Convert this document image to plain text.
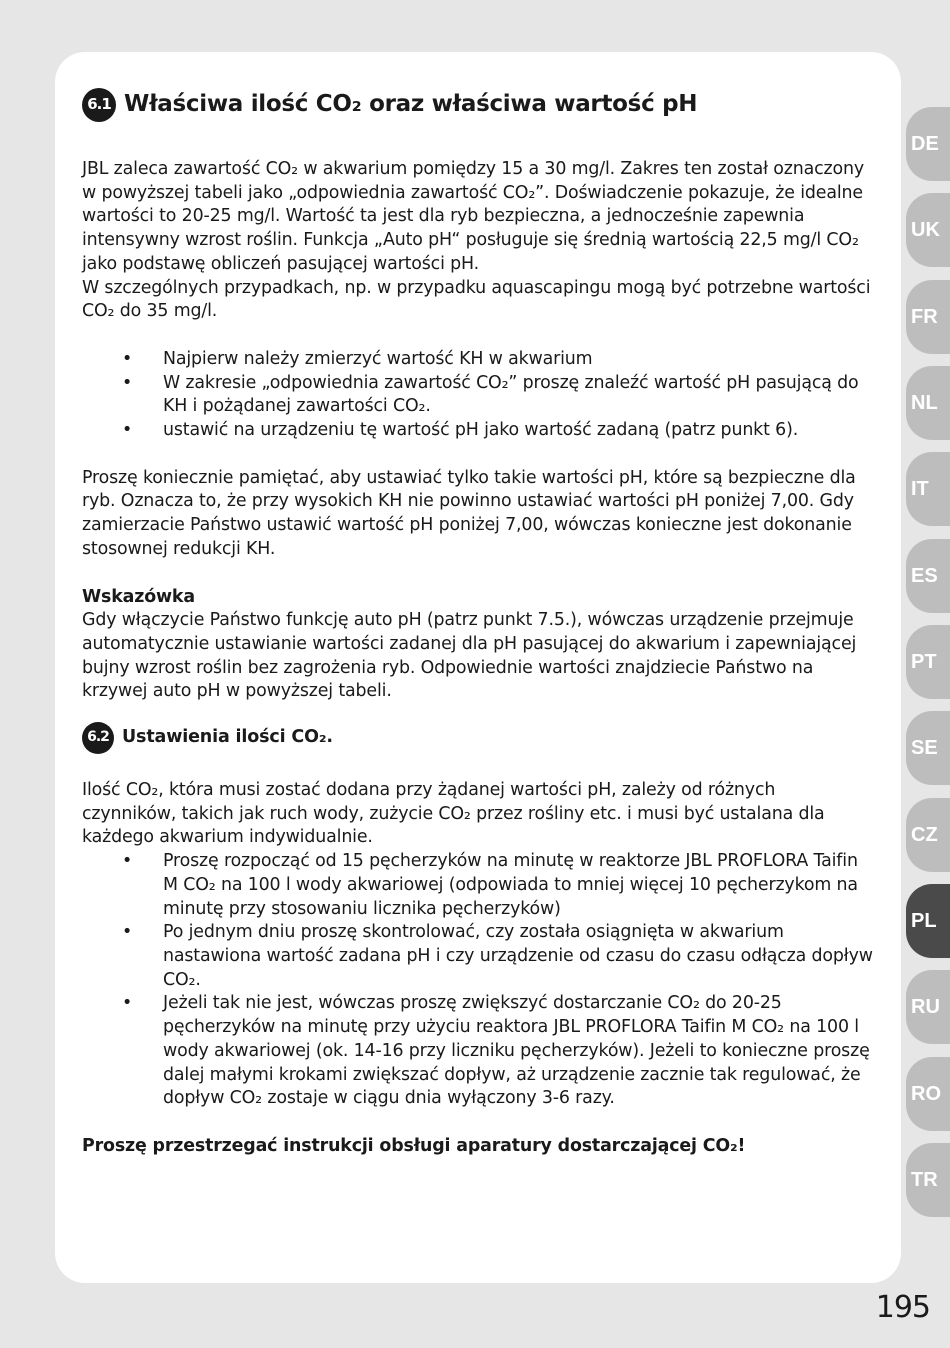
6.1 Właściwa ilość CO₂ oraz właściwa wartość pH

JBL zaleca zawartość CO₂ w akwarium pomiędzy 15 a 30 mg/l. Zakres ten został oznaczony w powyższej tabeli jako „odpowiednia zawartość CO₂”. Doświadczenie pokazuje, że idealne wartości to 20-25 mg/l. Wartość ta jest dla ryb bezpieczna, a jednocześnie zapewnia intensywny wzrost roślin. Funkcja „Auto pH“ posługuje się średnią wartością 22,5 mg/l CO₂ jako podstawę obliczeń pasującej wartości pH.

W szczególnych przypadkach, np. w przypadku aquascapingu mogą być potrzebne wartości CO₂ do 35 mg/l.

• Najpierw należy zmierzyć wartość KH w akwarium
• W zakresie „odpowiednia zawartość CO₂” proszę znaleźć wartość pH pasującą do KH i pożądanej zawartości CO₂.
• ustawić na urządzeniu tę wartość pH jako wartość zadaną (patrz punkt 6).

Proszę koniecznie pamiętać, aby ustawiać tylko takie wartości pH, które są bezpieczne dla ryb. Oznacza to, że przy wysokich KH nie powinno ustawiać wartości pH poniżej 7,00. Gdy zamierzacie Państwo ustawić wartość pH poniżej 7,00, wówczas konieczne jest dokonanie stosownej redukcji KH.

Wskazówka

Gdy włączycie Państwo funkcję auto pH (patrz punkt 7.5.), wówczas urządzenie przejmuje automatycznie ustawianie wartości zadanej dla pH pasującej do akwarium i zapewniającej bujny wzrost roślin bez zagrożenia ryb. Odpowiednie wartości znajdziecie Państwo na krzywej auto pH w powyższej tabeli.

6.2 Ustawienia ilości CO₂.

Ilość CO₂, która musi zostać dodana przy żądanej wartości pH, zależy od różnych czynników, takich jak ruch wody, zużycie CO₂ przez rośliny etc. i musi być ustalana dla każdego akwarium indywidualnie.

• Proszę rozpocząć od 15 pęcherzyków na minutę w reaktorze JBL PROFLORA Taifin M CO₂ na 100 l wody akwariowej (odpowiada to mniej więcej 10 pęcherzykom na minutę przy stosowaniu licznika pęcherzyków)
• Po jednym dniu proszę skontrolować, czy została osiągnięta w akwarium nastawiona wartość zadana pH i czy urządzenie od czasu do czasu odłącza dopływ CO₂.
• Jeżeli tak nie jest, wówczas proszę zwiększyć dostarczanie CO₂ do 20-25 pęcherzyków na minutę przy użyciu reaktora JBL PROFLORA Taifin M CO₂ na 100 l wody akwariowej (ok. 14-16 przy liczniku pęcherzyków). Jeżeli to konieczne proszę dalej małymi krokami zwiększać dopływ, aż urządzenie zacznie tak regulować, że dopływ CO₂ zostaje w ciągu dnia wyłączony 3-6 razy.

Proszę przestrzegać instrukcji obsługi aparatury dostarczającej CO₂!

DE
UK
FR
NL
IT
ES
PT
SE
CZ
PL
RU
RO
TR
195
